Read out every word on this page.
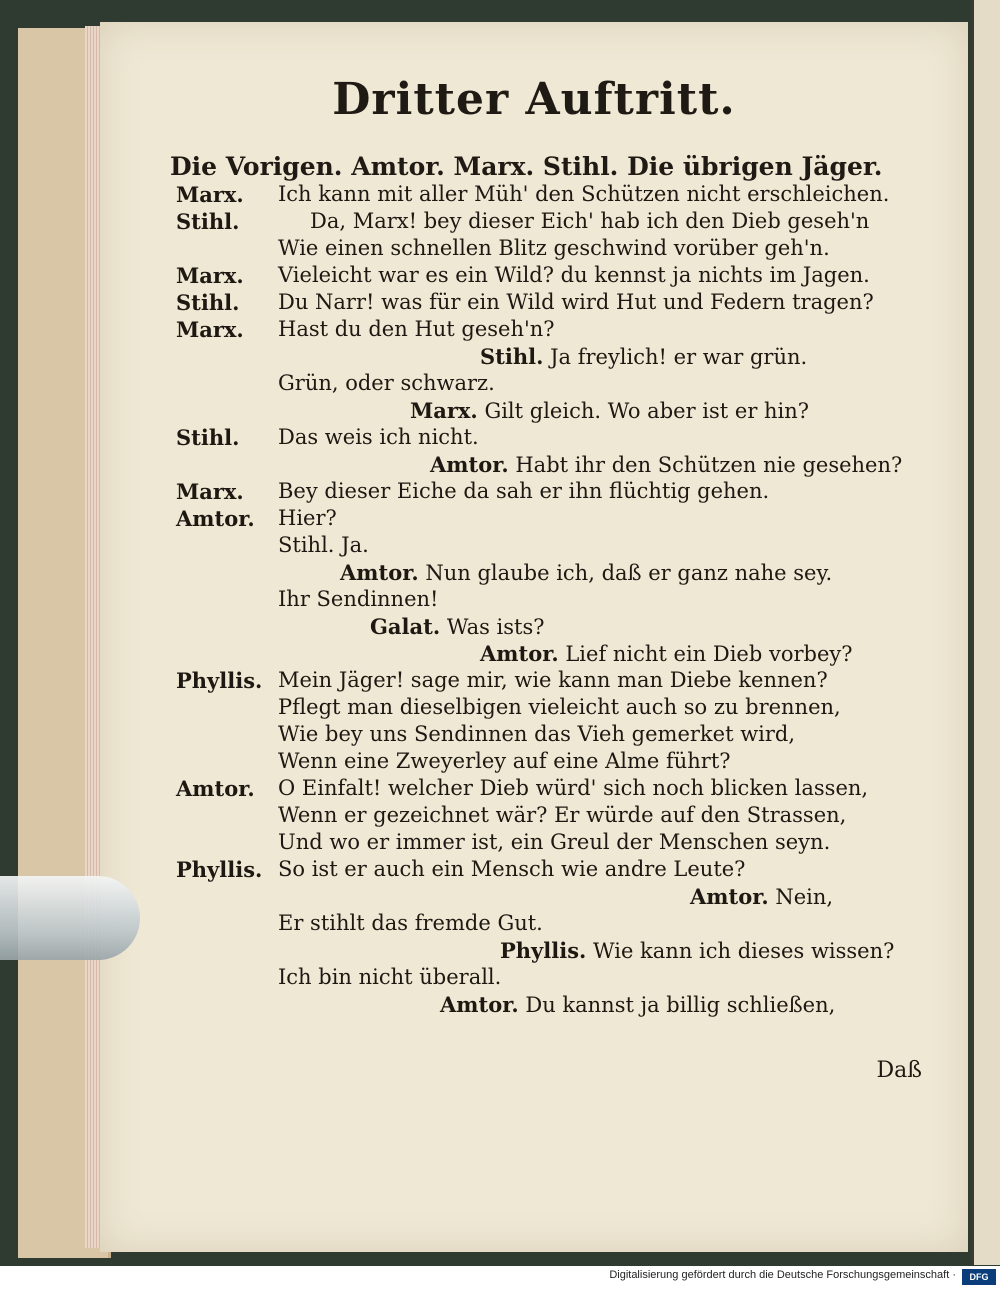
Dritter Auftritt.
Die Vorigen. Amtor. Marx. Stihl. Die übrigen Jäger.
Marx. Ich kann mit aller Müh' den Schützen nicht erschleichen.
Stihl.	Da, Marx! bey dieser Eich' hab ich den Dieb geseh'n
Wie einen schnellen Blitz geschwind vorüber geh'n.
Marx. Vieleicht war es ein Wild? du kennst ja nichts im Jagen.
Stihl. Du Narr! was für ein Wild wird Hut und Federn tragen?
Marx. Hast du den Hut geseh'n?
Stihl. Ja freylich! er war grün.
Grün, oder schwarz.
Marx. Gilt gleich. Wo aber ist er hin?
Stihl. Das weis ich nicht.
Amtor. Habt ihr den Schützen nie gesehen?
Marx. Bey dieser Eiche da sah er ihn flüchtig gehen.
Amtor. Hier?
Stihl. Ja.
Amtor. Nun glaube ich, daß er ganz nahe sey.
Ihr Sendinnen!
Galat. Was ists?
Amtor. Lief nicht ein Dieb vorbey?
Phyllis. Mein Jäger! sage mir, wie kann man Diebe kennen?
Pflegt man dieselbigen vieleicht auch so zu brennen,
Wie bey uns Sendinnen das Vieh gemerket wird,
Wenn eine Zweyerley auf eine Alme führt?
Amtor. O Einfalt! welcher Dieb würd' sich noch blicken lassen,
Wenn er gezeichnet wär? Er würde auf den Strassen,
Und wo er immer ist, ein Greul der Menschen seyn.
Phyllis. So ist er auch ein Mensch wie andre Leute?
Amtor. Nein,
Er stihlt das fremde Gut.
Phyllis. Wie kann ich dieses wissen?
Ich bin nicht überall.
Amtor. Du kannst ja billig schließen,
Daß
Digitalisierung gefördert durch die Deutsche Forschungsgemeinschaft ·	DFG
